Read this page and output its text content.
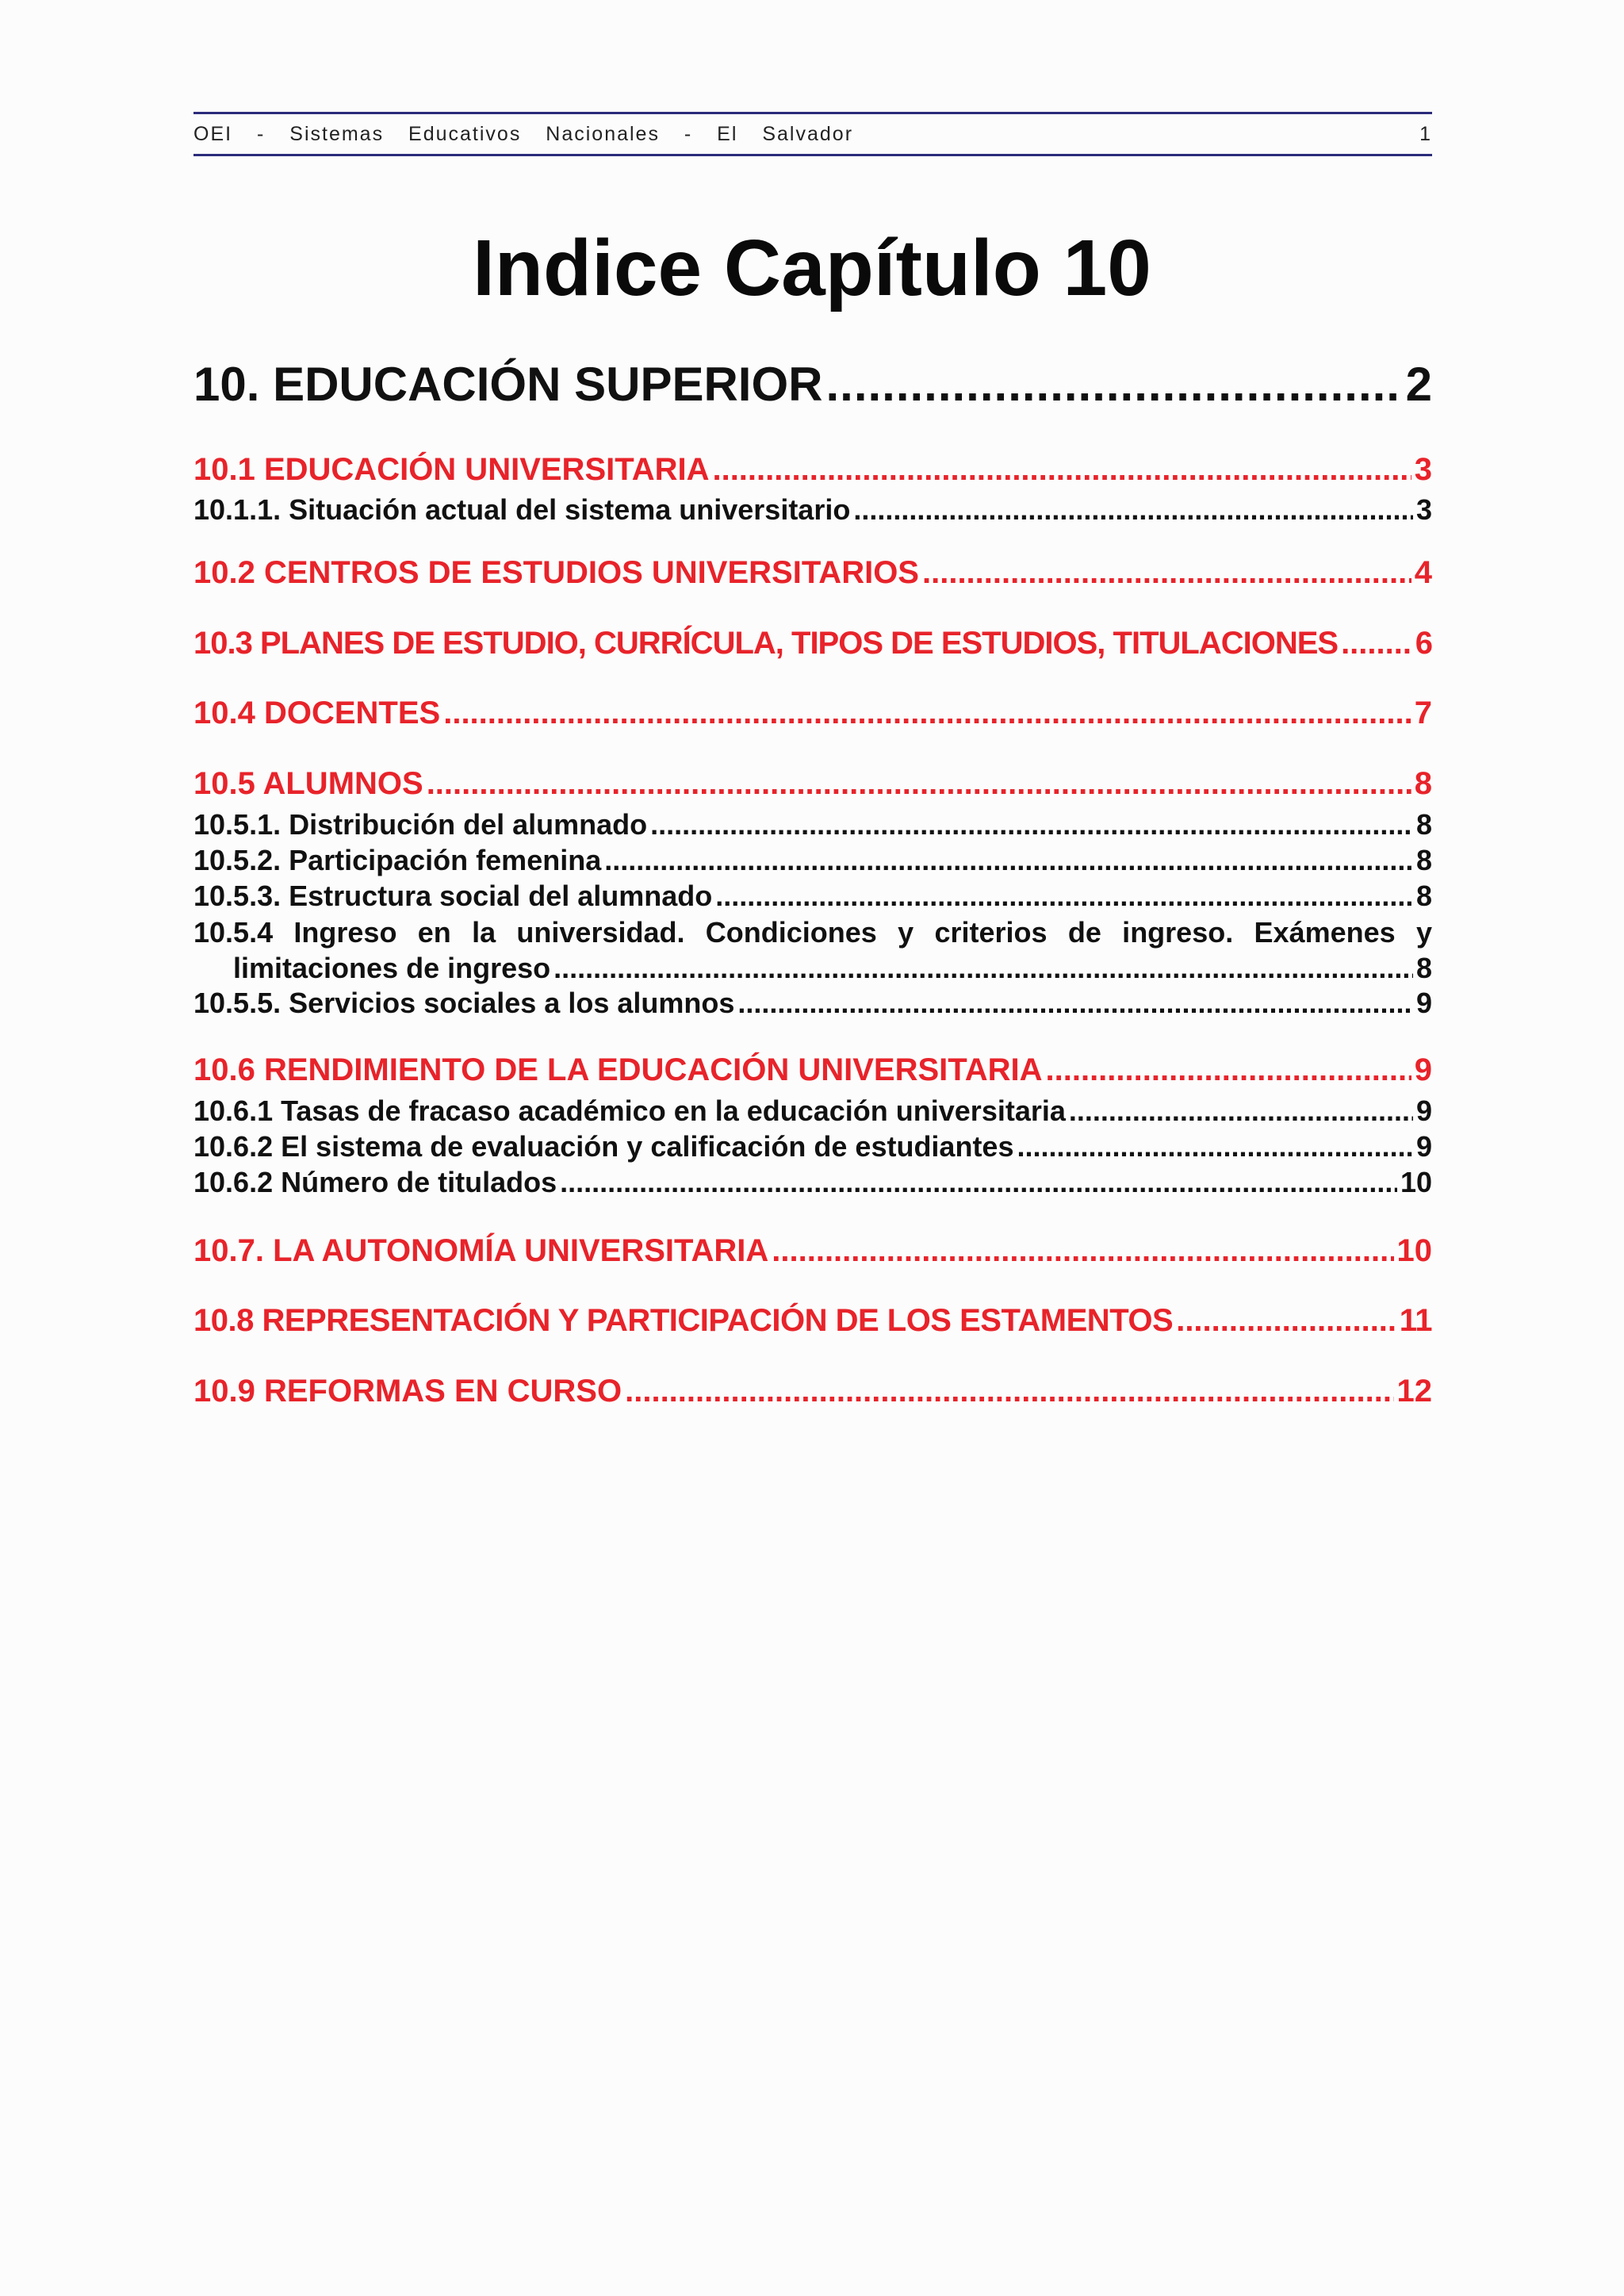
OEI - Sistemas Educativos Nacionales - El Salvador	1
Indice Capítulo 10
10. EDUCACIÓN SUPERIOR .....	2
10.1 EDUCACIÓN UNIVERSITARIA .....	3
10.1.1. Situación actual del sistema universitario .....	3
10.2 CENTROS DE ESTUDIOS UNIVERSITARIOS .....	4
10.3 PLANES DE ESTUDIO, CURRÍCULA, TIPOS DE ESTUDIOS, TITULACIONES ..... 6
10.4 DOCENTES .....	7
10.5 ALUMNOS .....	8
10.5.1. Distribución del alumnado .....	8
10.5.2. Participación femenina .....	8
10.5.3. Estructura social del alumnado .....	8
10.5.4 Ingreso en la universidad. Condiciones y criterios de ingreso. Exámenes y
limitaciones de ingreso .....	8
10.5.5. Servicios sociales a los alumnos .....	9
10.6 RENDIMIENTO DE LA EDUCACIÓN UNIVERSITARIA .....	9
10.6.1 Tasas de fracaso académico en la educación universitaria .....	9
10.6.2 El sistema de evaluación y calificación de estudiantes .....	9
10.6.2 Número de titulados .....	10
10.7. LA AUTONOMÍA UNIVERSITARIA .....	10
10.8 REPRESENTACIÓN Y PARTICIPACIÓN DE LOS ESTAMENTOS .....	11
10.9 REFORMAS EN CURSO .....	12
